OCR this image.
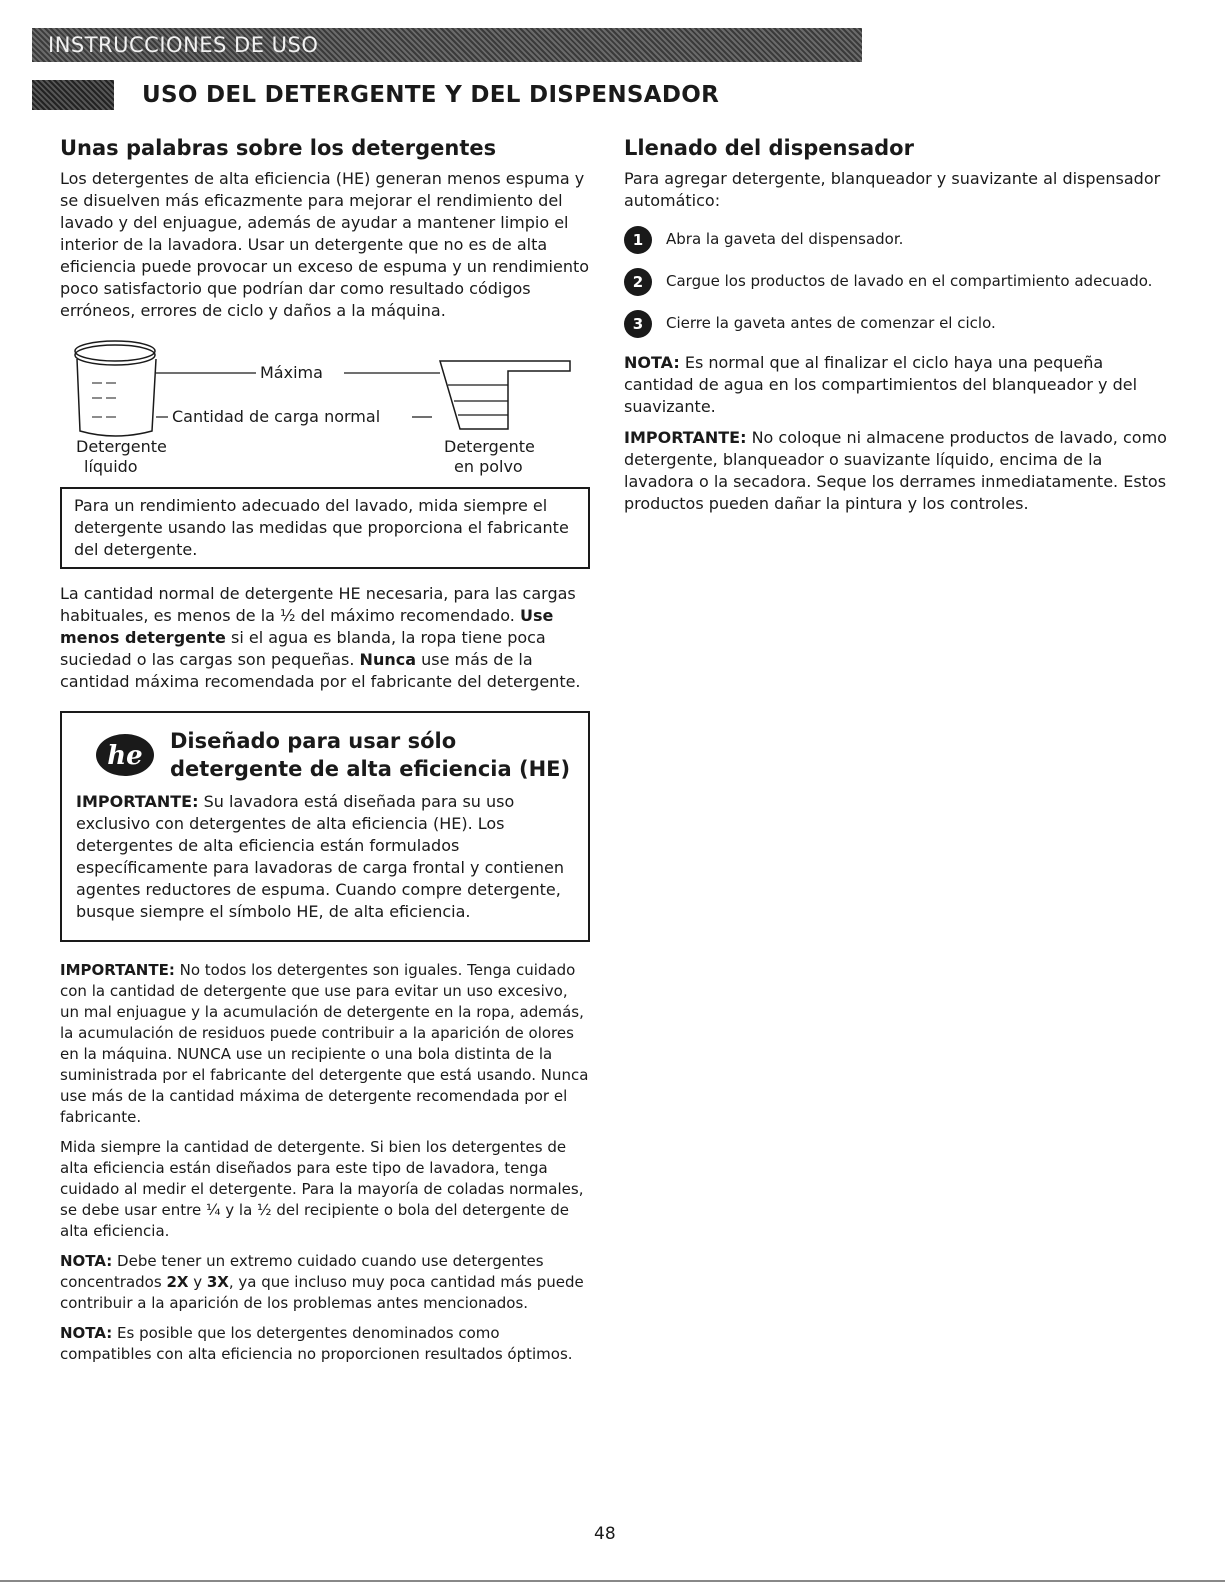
INSTRUCCIONES DE USO
USO DEL DETERGENTE Y DEL DISPENSADOR
Unas palabras sobre los detergentes

Los detergentes de alta eficiencia (HE) generan menos espuma y se disuelven más eficazmente para mejorar el rendimiento del lavado y del enjuague, además de ayudar a mantener limpio el interior de la lavadora. Usar un detergente que no es de alta eficiencia puede provocar un exceso de espuma y un rendimiento poco satisfactorio que podrían dar como resultado códigos erróneos, errores de ciclo y daños a la máquina.

Máxima
Cantidad de carga normal
Detergente
líquido
Detergente
en polvo

Para un rendimiento adecuado del lavado, mida siempre el detergente usando las medidas que proporciona el fabricante del detergente.

La cantidad normal de detergente HE necesaria, para las cargas habituales, es menos de la ½ del máximo recomendado. Use menos detergente si el agua es blanda, la ropa tiene poca suciedad o las cargas son pequeñas. Nunca use más de la cantidad máxima recomendada por el fabricante del detergente.

he Diseñado para usar sólo
detergente de alta eficiencia (HE)

IMPORTANTE: Su lavadora está diseñada para su uso exclusivo con detergentes de alta eficiencia (HE). Los detergentes de alta eficiencia están formulados específicamente para lavadoras de carga frontal y contienen agentes reductores de espuma. Cuando compre detergente, busque siempre el símbolo HE, de alta eficiencia.

IMPORTANTE: No todos los detergentes son iguales. Tenga cuidado con la cantidad de detergente que use para evitar un uso excesivo, un mal enjuague y la acumulación de detergente en la ropa, además, la acumulación de residuos puede contribuir a la aparición de olores en la máquina. NUNCA use un recipiente o una bola distinta de la suministrada por el fabricante del detergente que está usando. Nunca use más de la cantidad máxima de detergente recomendada por el fabricante.

Mida siempre la cantidad de detergente. Si bien los detergentes de alta eficiencia están diseñados para este tipo de lavadora, tenga cuidado al medir el detergente. Para la mayoría de coladas normales, se debe usar entre ¼ y la ½ del recipiente o bola del detergente de alta eficiencia.

NOTA: Debe tener un extremo cuidado cuando use detergentes concentrados 2X y 3X, ya que incluso muy poca cantidad más puede contribuir a la aparición de los problemas antes mencionados.

NOTA: Es posible que los detergentes denominados como compatibles con alta eficiencia no proporcionen resultados óptimos.

Llenado del dispensador

Para agregar detergente, blanqueador y suavizante al dispensador automático:

1	Abra la gaveta del dispensador.
2	Cargue los productos de lavado en el compartimiento adecuado.
3	Cierre la gaveta antes de comenzar el ciclo.

NOTA: Es normal que al finalizar el ciclo haya una pequeña cantidad de agua en los compartimientos del blanqueador y del suavizante.

IMPORTANTE: No coloque ni almacene productos de lavado, como detergente, blanqueador o suavizante líquido, encima de la lavadora o la secadora. Seque los derrames inmediatamente. Estos productos pueden dañar la pintura y los controles.

48
